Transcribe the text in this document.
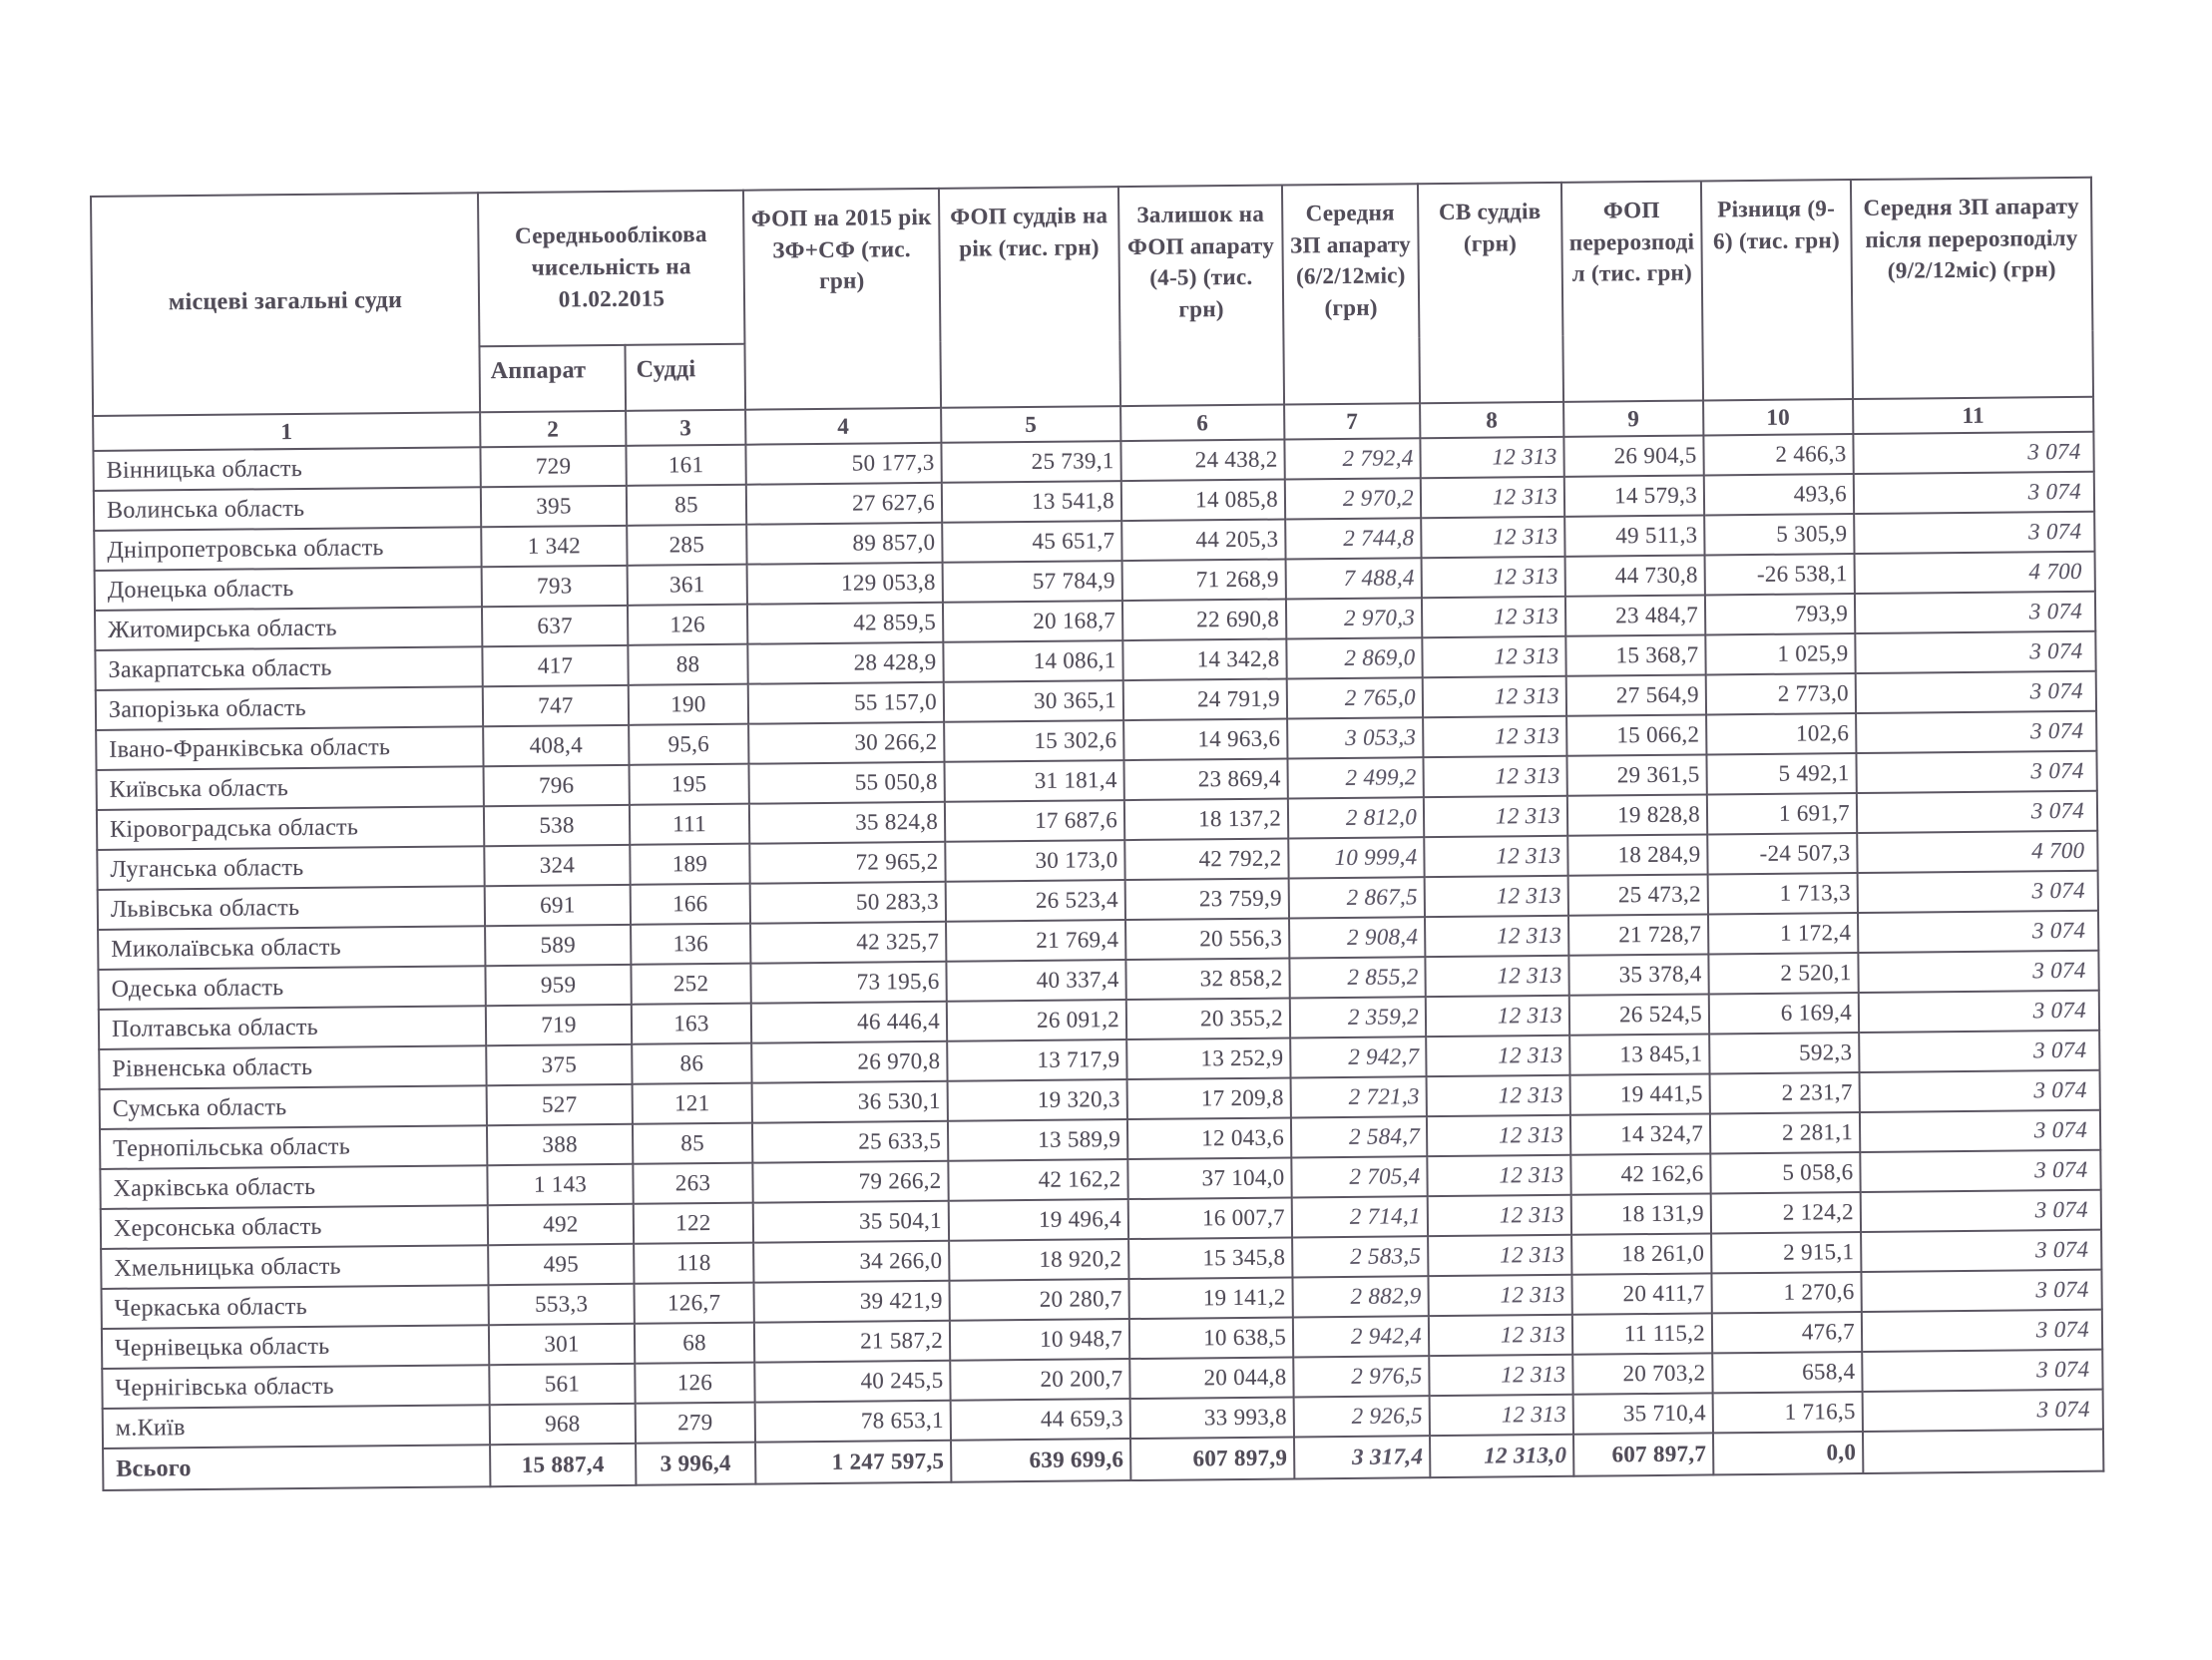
місцеві загальні суди	Середньооблікова чисельність на 01.02.2015		ФОП на 2015 рік ЗФ+СФ (тис. грн)	ФОП суддів на рік (тис. грн)	Залишок на ФОП апарату (4-5) (тис. грн)	Середня ЗП апарату (6/2/12міс) (грн)	СВ суддів (грн)	ФОП перерозподіл (тис. грн)	Різниця (9-6) (тис. грн)	Середня ЗП апарату після перерозподілу (9/2/12міс) (грн)
	Аппарат	Судді								
1	2	3	4	5	6	7	8	9	10	11
Вінницька область	729	161	50 177,3	25 739,1	24 438,2	2 792,4	12 313	26 904,5	2 466,3	3 074
Волинська область	395	85	27 627,6	13 541,8	14 085,8	2 970,2	12 313	14 579,3	493,6	3 074
Дніпропетровська область	1 342	285	89 857,0	45 651,7	44 205,3	2 744,8	12 313	49 511,3	5 305,9	3 074
Донецька область	793	361	129 053,8	57 784,9	71 268,9	7 488,4	12 313	44 730,8	-26 538,1	4 700
Житомирська область	637	126	42 859,5	20 168,7	22 690,8	2 970,3	12 313	23 484,7	793,9	3 074
Закарпатська область	417	88	28 428,9	14 086,1	14 342,8	2 869,0	12 313	15 368,7	1 025,9	3 074
Запорізька область	747	190	55 157,0	30 365,1	24 791,9	2 765,0	12 313	27 564,9	2 773,0	3 074
Івано-Франківська область	408,4	95,6	30 266,2	15 302,6	14 963,6	3 053,3	12 313	15 066,2	102,6	3 074
Київська область	796	195	55 050,8	31 181,4	23 869,4	2 499,2	12 313	29 361,5	5 492,1	3 074
Кіровоградська область	538	111	35 824,8	17 687,6	18 137,2	2 812,0	12 313	19 828,8	1 691,7	3 074
Луганська область	324	189	72 965,2	30 173,0	42 792,2	10 999,4	12 313	18 284,9	-24 507,3	4 700
Львівська область	691	166	50 283,3	26 523,4	23 759,9	2 867,5	12 313	25 473,2	1 713,3	3 074
Миколаївська область	589	136	42 325,7	21 769,4	20 556,3	2 908,4	12 313	21 728,7	1 172,4	3 074
Одеська область	959	252	73 195,6	40 337,4	32 858,2	2 855,2	12 313	35 378,4	2 520,1	3 074
Полтавська область	719	163	46 446,4	26 091,2	20 355,2	2 359,2	12 313	26 524,5	6 169,4	3 074
Рівненська область	375	86	26 970,8	13 717,9	13 252,9	2 942,7	12 313	13 845,1	592,3	3 074
Сумська область	527	121	36 530,1	19 320,3	17 209,8	2 721,3	12 313	19 441,5	2 231,7	3 074
Тернопільська область	388	85	25 633,5	13 589,9	12 043,6	2 584,7	12 313	14 324,7	2 281,1	3 074
Харківська область	1 143	263	79 266,2	42 162,2	37 104,0	2 705,4	12 313	42 162,6	5 058,6	3 074
Херсонська область	492	122	35 504,1	19 496,4	16 007,7	2 714,1	12 313	18 131,9	2 124,2	3 074
Хмельницька область	495	118	34 266,0	18 920,2	15 345,8	2 583,5	12 313	18 261,0	2 915,1	3 074
Черкаська область	553,3	126,7	39 421,9	20 280,7	19 141,2	2 882,9	12 313	20 411,7	1 270,6	3 074
Чернівецька область	301	68	21 587,2	10 948,7	10 638,5	2 942,4	12 313	11 115,2	476,7	3 074
Чернігівська область	561	126	40 245,5	20 200,7	20 044,8	2 976,5	12 313	20 703,2	658,4	3 074
м.Київ	968	279	78 653,1	44 659,3	33 993,8	2 926,5	12 313	35 710,4	1 716,5	3 074
Всього	15 887,4	3 996,4	1 247 597,5	639 699,6	607 897,9	3 317,4	12 313,0	607 897,7	0,0	
